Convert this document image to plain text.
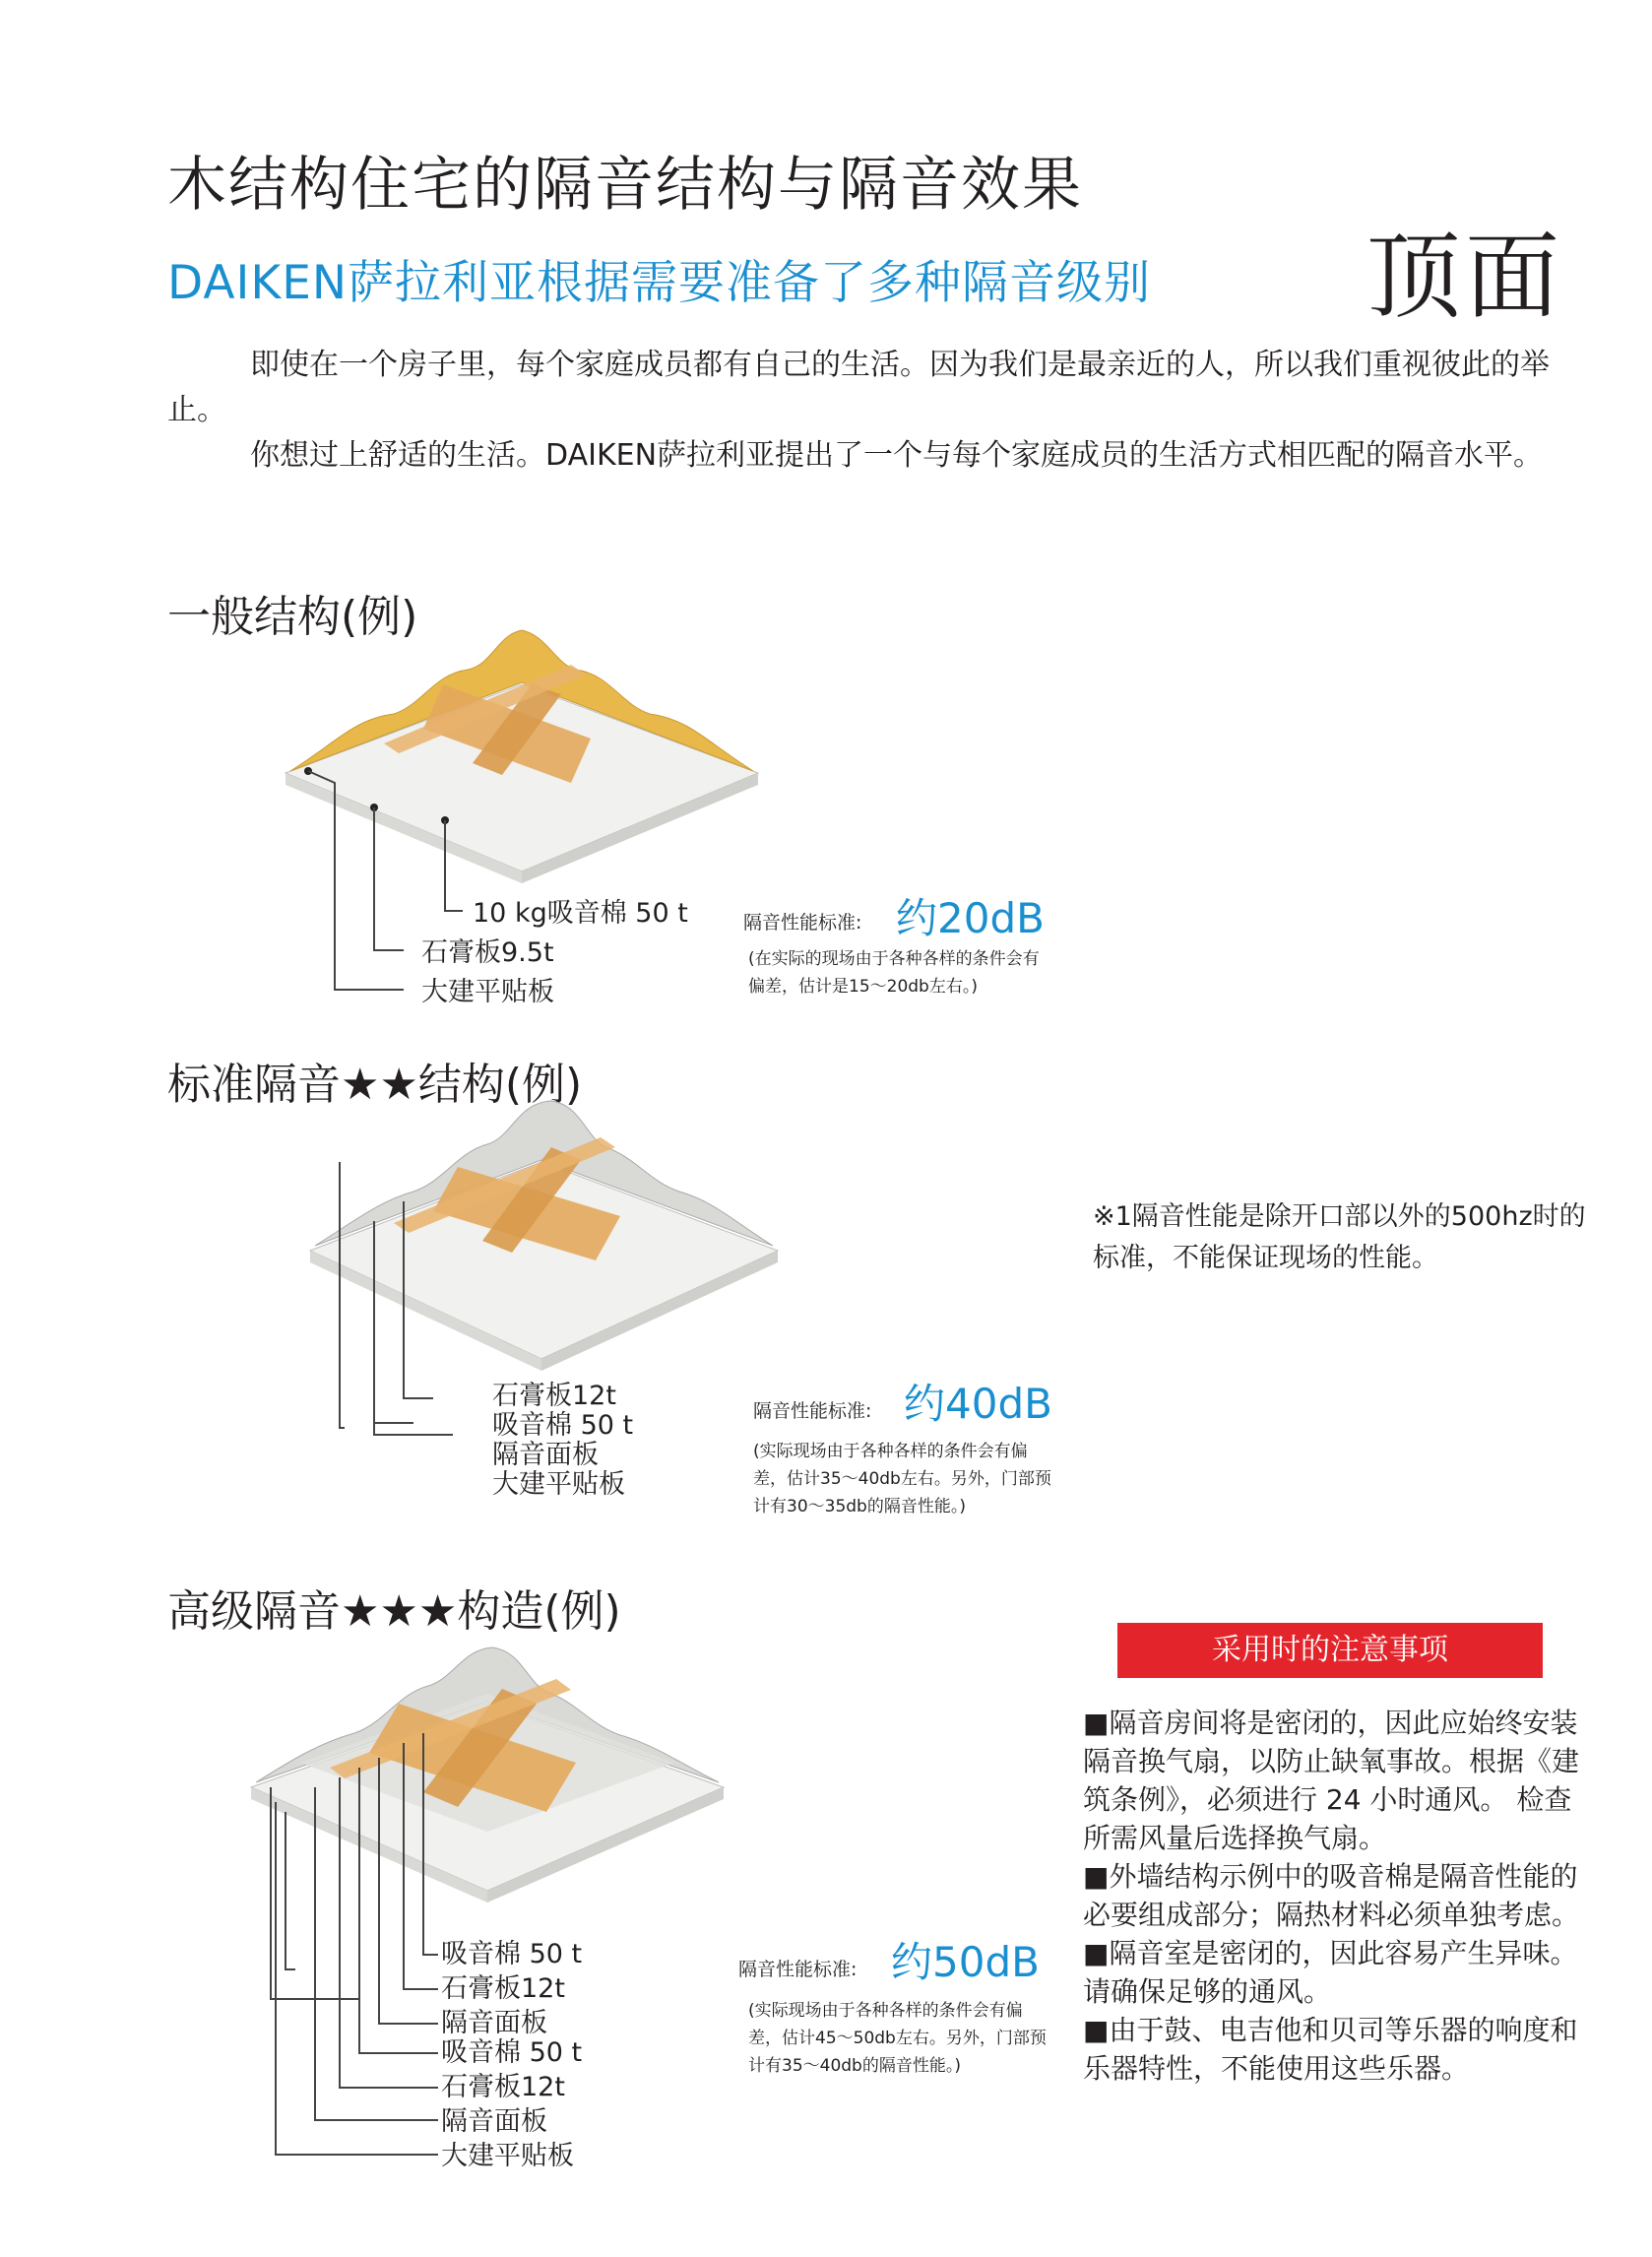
木结构住宅的隔音结构与隔音效果
DAIKEN萨拉利亚根据需要准备了多种隔音级别 顶面

即使在一个房子里，每个家庭成员都有自己的生活。因为我们是最亲近的人，所以我们重视彼此的举止。

你想过上舒适的生活。DAIKEN萨拉利亚提出了一个与每个家庭成员的生活方式相匹配的隔音水平。

一般结构(例)
10 kg吸音棉 50 t
石膏板9.5t
大建平贴板
隔音性能标准: 约20dB
(在实际的现场由于各种各样的条件会有偏差，估计是15～20db左右。)
标准隔音★★结构(例)
石膏板12t
吸音棉 50 t
隔音面板
大建平贴板
隔音性能标准: 约40dB
(实际现场由于各种各样的条件会有偏差，估计35～40db左右。另外，门部预计有30～35db的隔音性能。)
※1隔音性能是除开口部以外的500hz时的标准，不能保证现场的性能。
高级隔音★★★构造(例)
吸音棉 50 t
石膏板12t
隔音面板
吸音棉 50 t
石膏板12t
隔音面板
大建平贴板
隔音性能标准: 约50dB
(实际现场由于各种各样的条件会有偏差，估计45～50db左右。另外，门部预计有35～40db的隔音性能。)
采用时的注意事项

■隔音房间将是密闭的，因此应始终安装隔音换气扇，以防止缺氧事故。根据《建筑条例》，必须进行 24 小时通风。 检查所需风量后选择换气扇。

■外墙结构示例中的吸音棉是隔音性能的必要组成部分；隔热材料必须单独考虑。

■隔音室是密闭的，因此容易产生异味。 请确保足够的通风。

■由于鼓、电吉他和贝司等乐器的响度和乐器特性，不能使用这些乐器。
